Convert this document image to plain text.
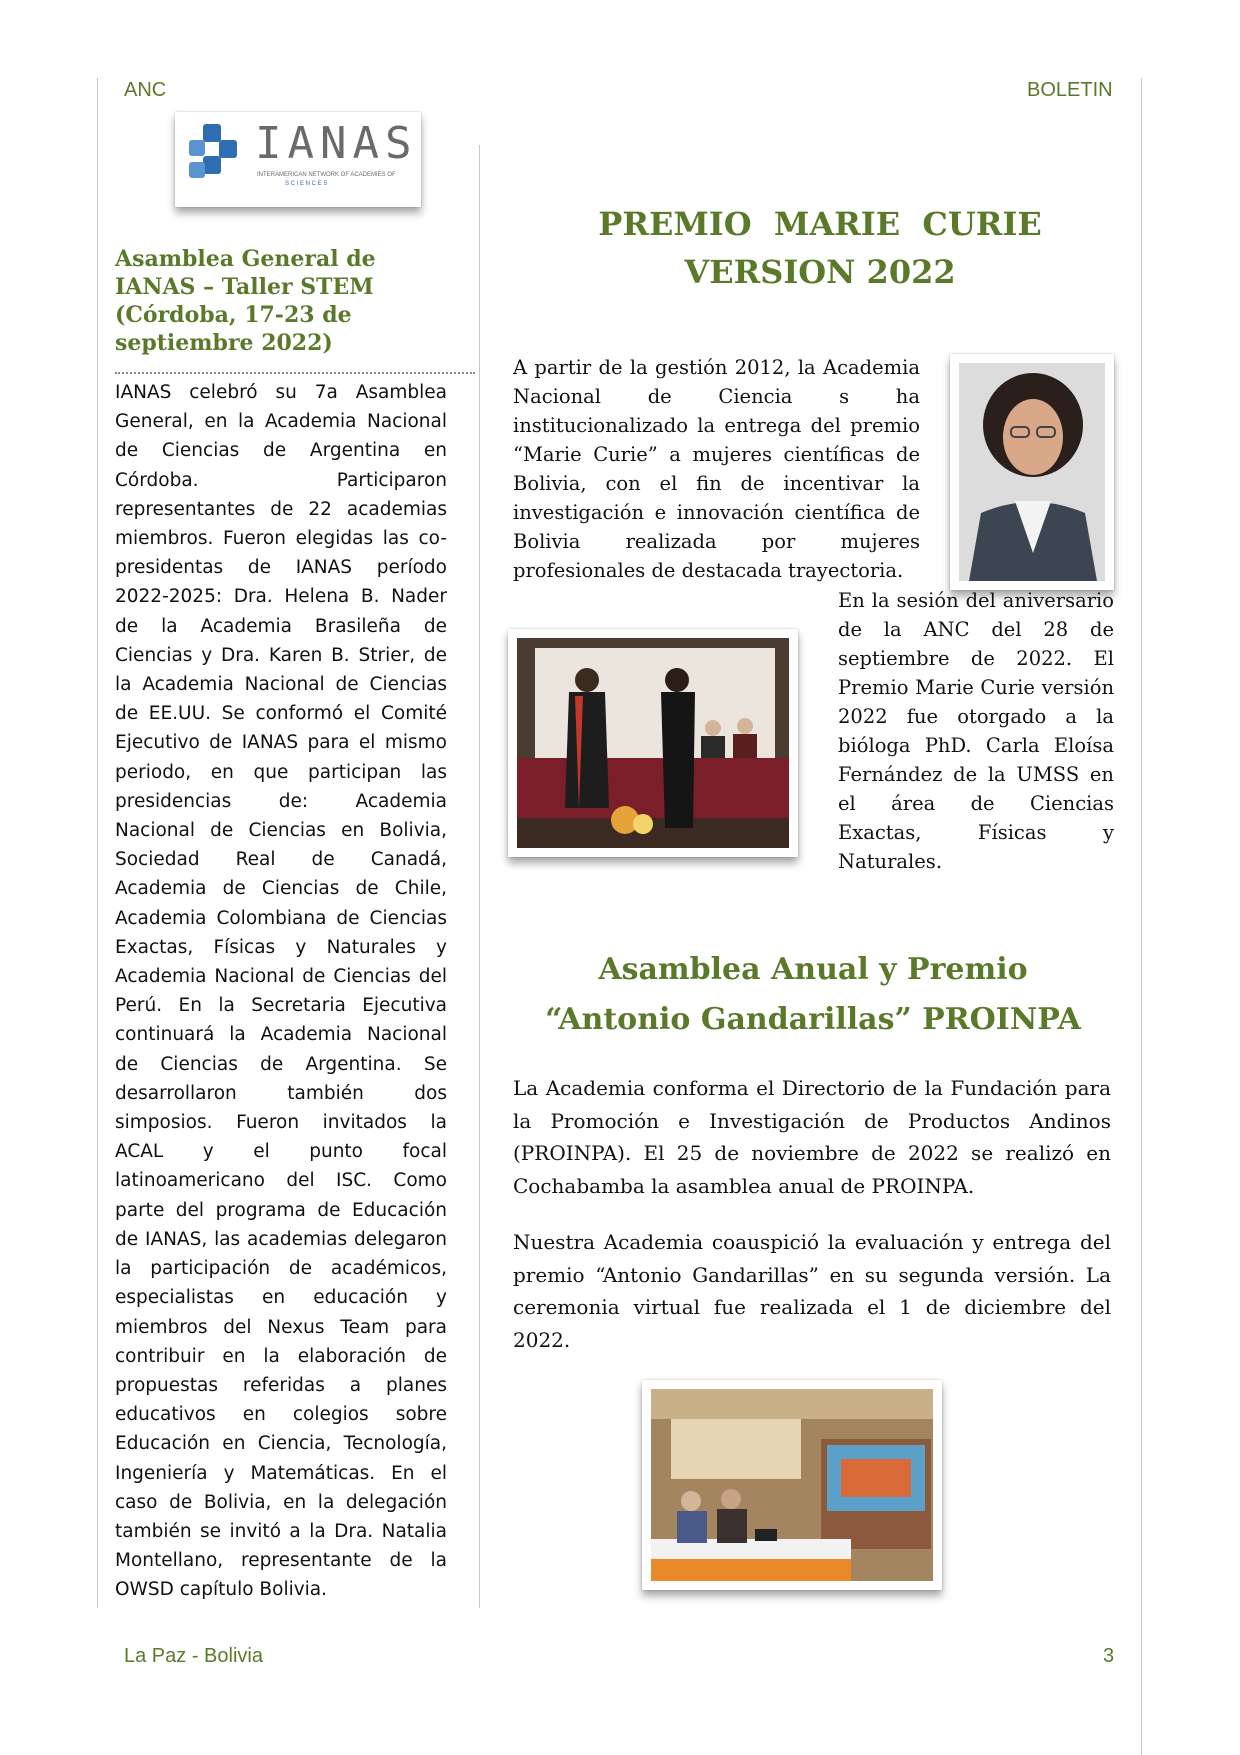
ANC	BOLETIN
IANAS
INTERAMERICAN NETWORK OF ACADEMIES OF
S C I E N C E S
Asamblea General de IANAS – Taller STEM (Córdoba, 17-23 de septiembre 2022)
IANAS celebró su 7a Asamblea General, en la Academia Nacional de Ciencias de Argentina en Córdoba. Participaron representantes de 22 academias miembros. Fueron elegidas las co-presidentas de IANAS período 2022-2025: Dra. Helena B. Nader de la Academia Brasileña de Ciencias y Dra. Karen B. Strier, de la Academia Nacional de Ciencias de EE.UU. Se conformó el Comité Ejecutivo de IANAS para el mismo periodo, en que participan las presidencias de: Academia Nacional de Ciencias en Bolivia, Sociedad Real de Canadá, Academia de Ciencias de Chile, Academia Colombiana de Ciencias Exactas, Físicas y Naturales y Academia Nacional de Ciencias del Perú. En la Secretaria Ejecutiva continuará la Academia Nacional de Ciencias de Argentina. Se desarrollaron también dos simposios. Fueron invitados la ACAL y el punto focal latinoamericano del ISC. Como parte del programa de Educación de IANAS, las academias delegaron la participación de académicos, especialistas en educación y miembros del Nexus Team para contribuir en la elaboración de propuestas referidas a planes educativos en colegios sobre Educación en Ciencia, Tecnología, Ingeniería y Matemáticas. En el caso de Bolivia, en la delegación también se invitó a la Dra. Natalia Montellano, representante de la OWSD capítulo Bolivia.
PREMIO  MARIE  CURIE
VERSION 2022
A partir de la gestión 2012, la Academia Nacional de Ciencia s ha institucionalizado la entrega del premio “Marie Curie” a mujeres científicas de Bolivia, con el fin de incentivar la investigación e innovación científica de Bolivia realizada por mujeres profesionales de destacada trayectoria.
En la sesión del aniversario de la ANC del 28 de septiembre de 2022. El Premio Marie Curie versión 2022 fue otorgado a la bióloga PhD. Carla Eloísa Fernández de la UMSS en el área de Ciencias Exactas, Físicas y Naturales.
Asamblea Anual y Premio
“Antonio Gandarillas” PROINPA
La Academia conforma el Directorio de la Fundación para la Promoción e Investigación de Productos Andinos (PROINPA). El 25 de noviembre de 2022 se realizó en Cochabamba la asamblea anual de PROINPA.
Nuestra Academia coauspició la evaluación y entrega del premio “Antonio Gandarillas” en su segunda versión. La ceremonia virtual fue realizada el 1 de diciembre del 2022.
La Paz - Bolivia	3
